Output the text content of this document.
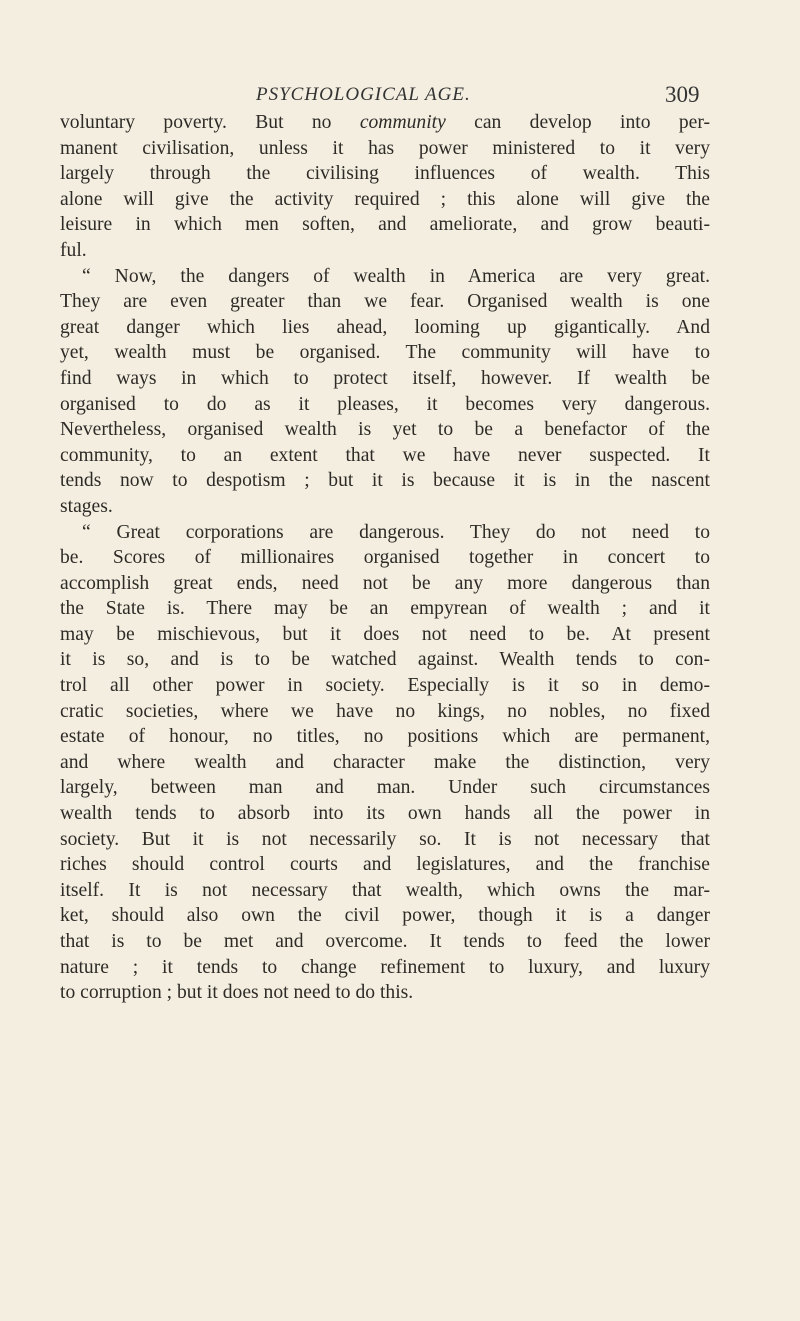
PSYCHOLOGICAL AGE.	309
voluntary poverty. But no community can develop into per-
manent civilisation, unless it has power ministered to it very
largely through the civilising influences of wealth. This
alone will give the activity required ; this alone will give the
leisure in which men soften, and ameliorate, and grow beauti-
ful.
“ Now, the dangers of wealth in America are very great.
They are even greater than we fear. Organised wealth is one
great danger which lies ahead, looming up gigantically. And
yet, wealth must be organised. The community will have to
find ways in which to protect itself, however. If wealth be
organised to do as it pleases, it becomes very dangerous.
Nevertheless, organised wealth is yet to be a benefactor of the
community, to an extent that we have never suspected. It
tends now to despotism ; but it is because it is in the nascent
stages.
“ Great corporations are dangerous. They do not need to
be. Scores of millionaires organised together in concert to
accomplish great ends, need not be any more dangerous than
the State is. There may be an empyrean of wealth ; and it
may be mischievous, but it does not need to be. At present
it is so, and is to be watched against. Wealth tends to con-
trol all other power in society. Especially is it so in demo-
cratic societies, where we have no kings, no nobles, no fixed
estate of honour, no titles, no positions which are permanent,
and where wealth and character make the distinction, very
largely, between man and man. Under such circumstances
wealth tends to absorb into its own hands all the power in
society. But it is not necessarily so. It is not necessary that
riches should control courts and legislatures, and the franchise
itself. It is not necessary that wealth, which owns the mar-
ket, should also own the civil power, though it is a danger
that is to be met and overcome. It tends to feed the lower
nature ; it tends to change refinement to luxury, and luxury
to corruption ; but it does not need to do this.
